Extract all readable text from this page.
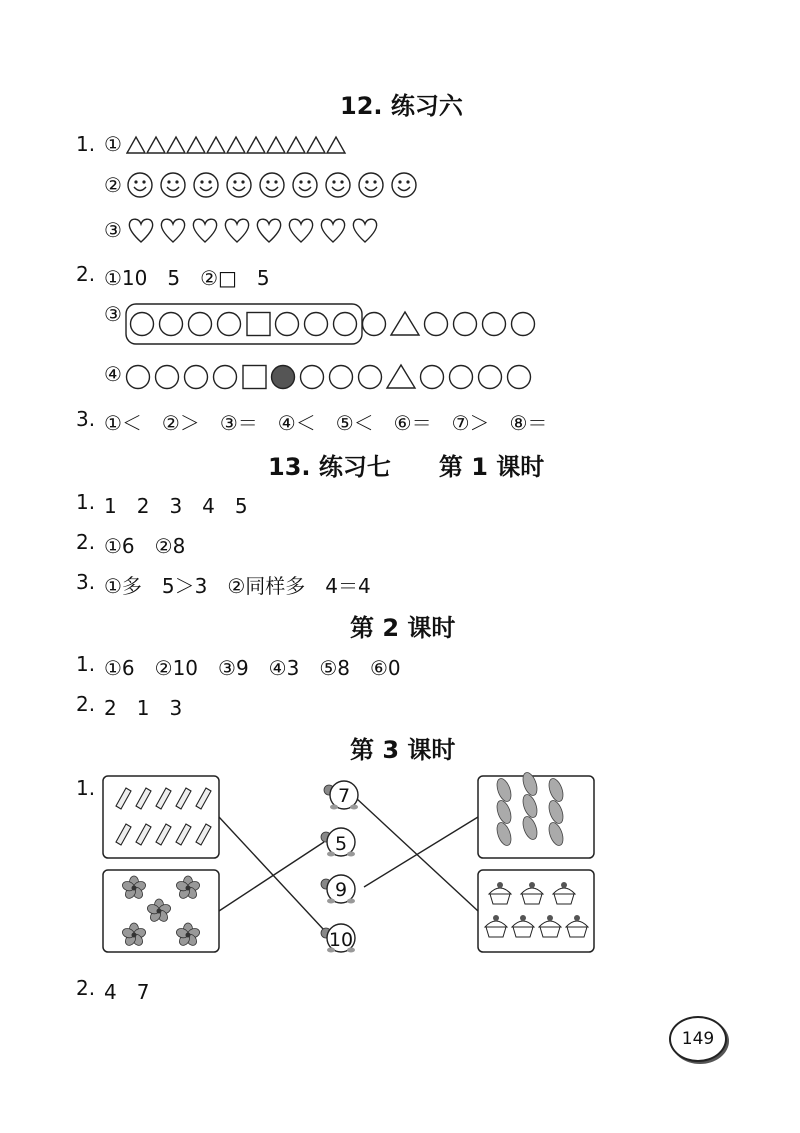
12. 练习六
1. ①
②
③
2. ①10　5　②□　5
③
④
3. ①＜　②＞　③＝　④＜　⑤＜　⑥＝　⑦＞　⑧＝
13. 练习七　　第 1 课时
1. 1　2　3　4　5
2. ①6　②8
3. ①多　5＞3　②同样多　4＝4
第 2 课时
1. ①6　②10　③9　④3　⑤8　⑥0
2. 2　1　3
第 3 课时
1.	7
5
9
10
2. 4　7
149
